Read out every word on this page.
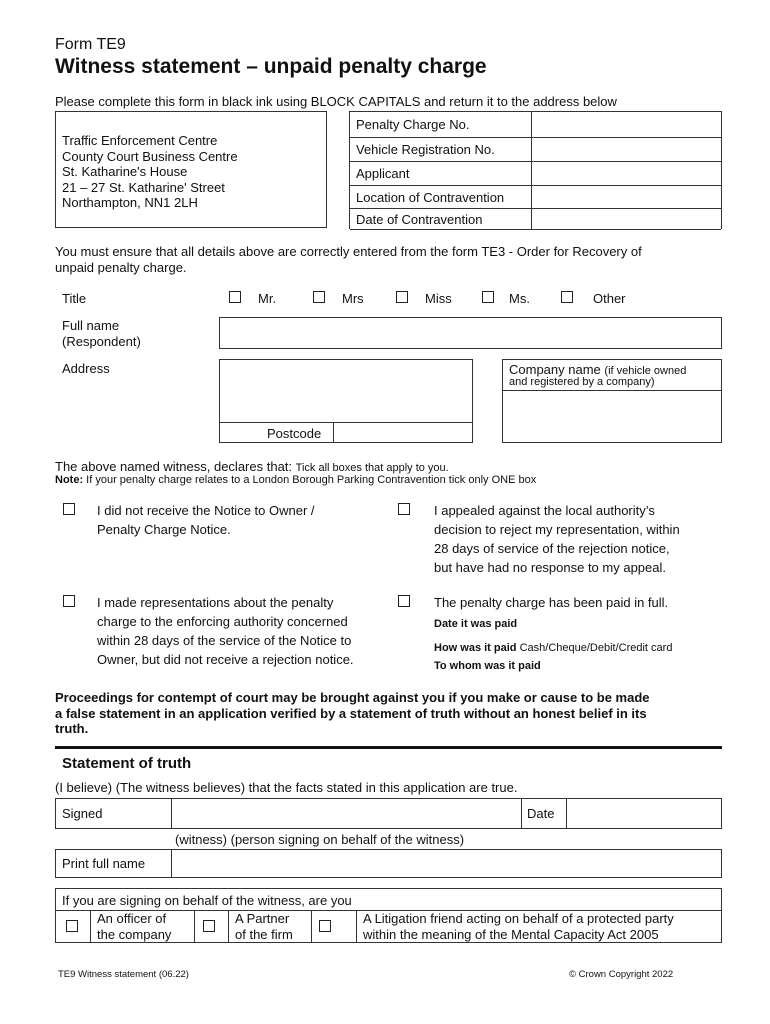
Form TE9
Witness statement – unpaid penalty charge
Please complete this form in black ink using BLOCK CAPITALS and return it to the address below
Traffic Enforcement Centre
County Court Business Centre
St. Katharine's House
21 – 27 St. Katharine' Street
Northampton, NN1 2LH
Penalty Charge No.
Vehicle Registration No.
Applicant
Location of Contravention
Date of Contravention
You must ensure that all details above are correctly entered from the form TE3 - Order for Recovery of
unpaid penalty charge.
Title	Mr.	Mrs	Miss	Ms.	Other
Full name
(Respondent)
Address
Postcode
Company name (if vehicle owned
and registered by a company)
The above named witness, declares that: Tick all boxes that apply to you.
Note: If your penalty charge relates to a London Borough Parking Contravention tick only ONE box
I did not receive the Notice to Owner /
Penalty Charge Notice.
I appealed against the local authority’s
decision to reject my representation, within
28 days of service of the rejection notice,
but have had no response to my appeal.
I made representations about the penalty
charge to the enforcing authority concerned
within 28 days of the service of the Notice to
Owner, but did not receive a rejection notice.
The penalty charge has been paid in full.
Date it was paid
How was it paid Cash/Cheque/Debit/Credit card
To whom was it paid
Proceedings for contempt of court may be brought against you if you make or cause to be made
a false statement in an application verified by a statement of truth without an honest belief in its
truth.
Statement of truth
(I believe) (The witness believes) that the facts stated in this application are true.
Signed	Date
(witness) (person signing on behalf of the witness)
Print full name
If you are signing on behalf of the witness, are you
An officer of
the company
A Partner
of the firm
A Litigation friend acting on behalf of a protected party
within the meaning of the Mental Capacity Act 2005
TE9 Witness statement (06.22)	© Crown Copyright 2022
